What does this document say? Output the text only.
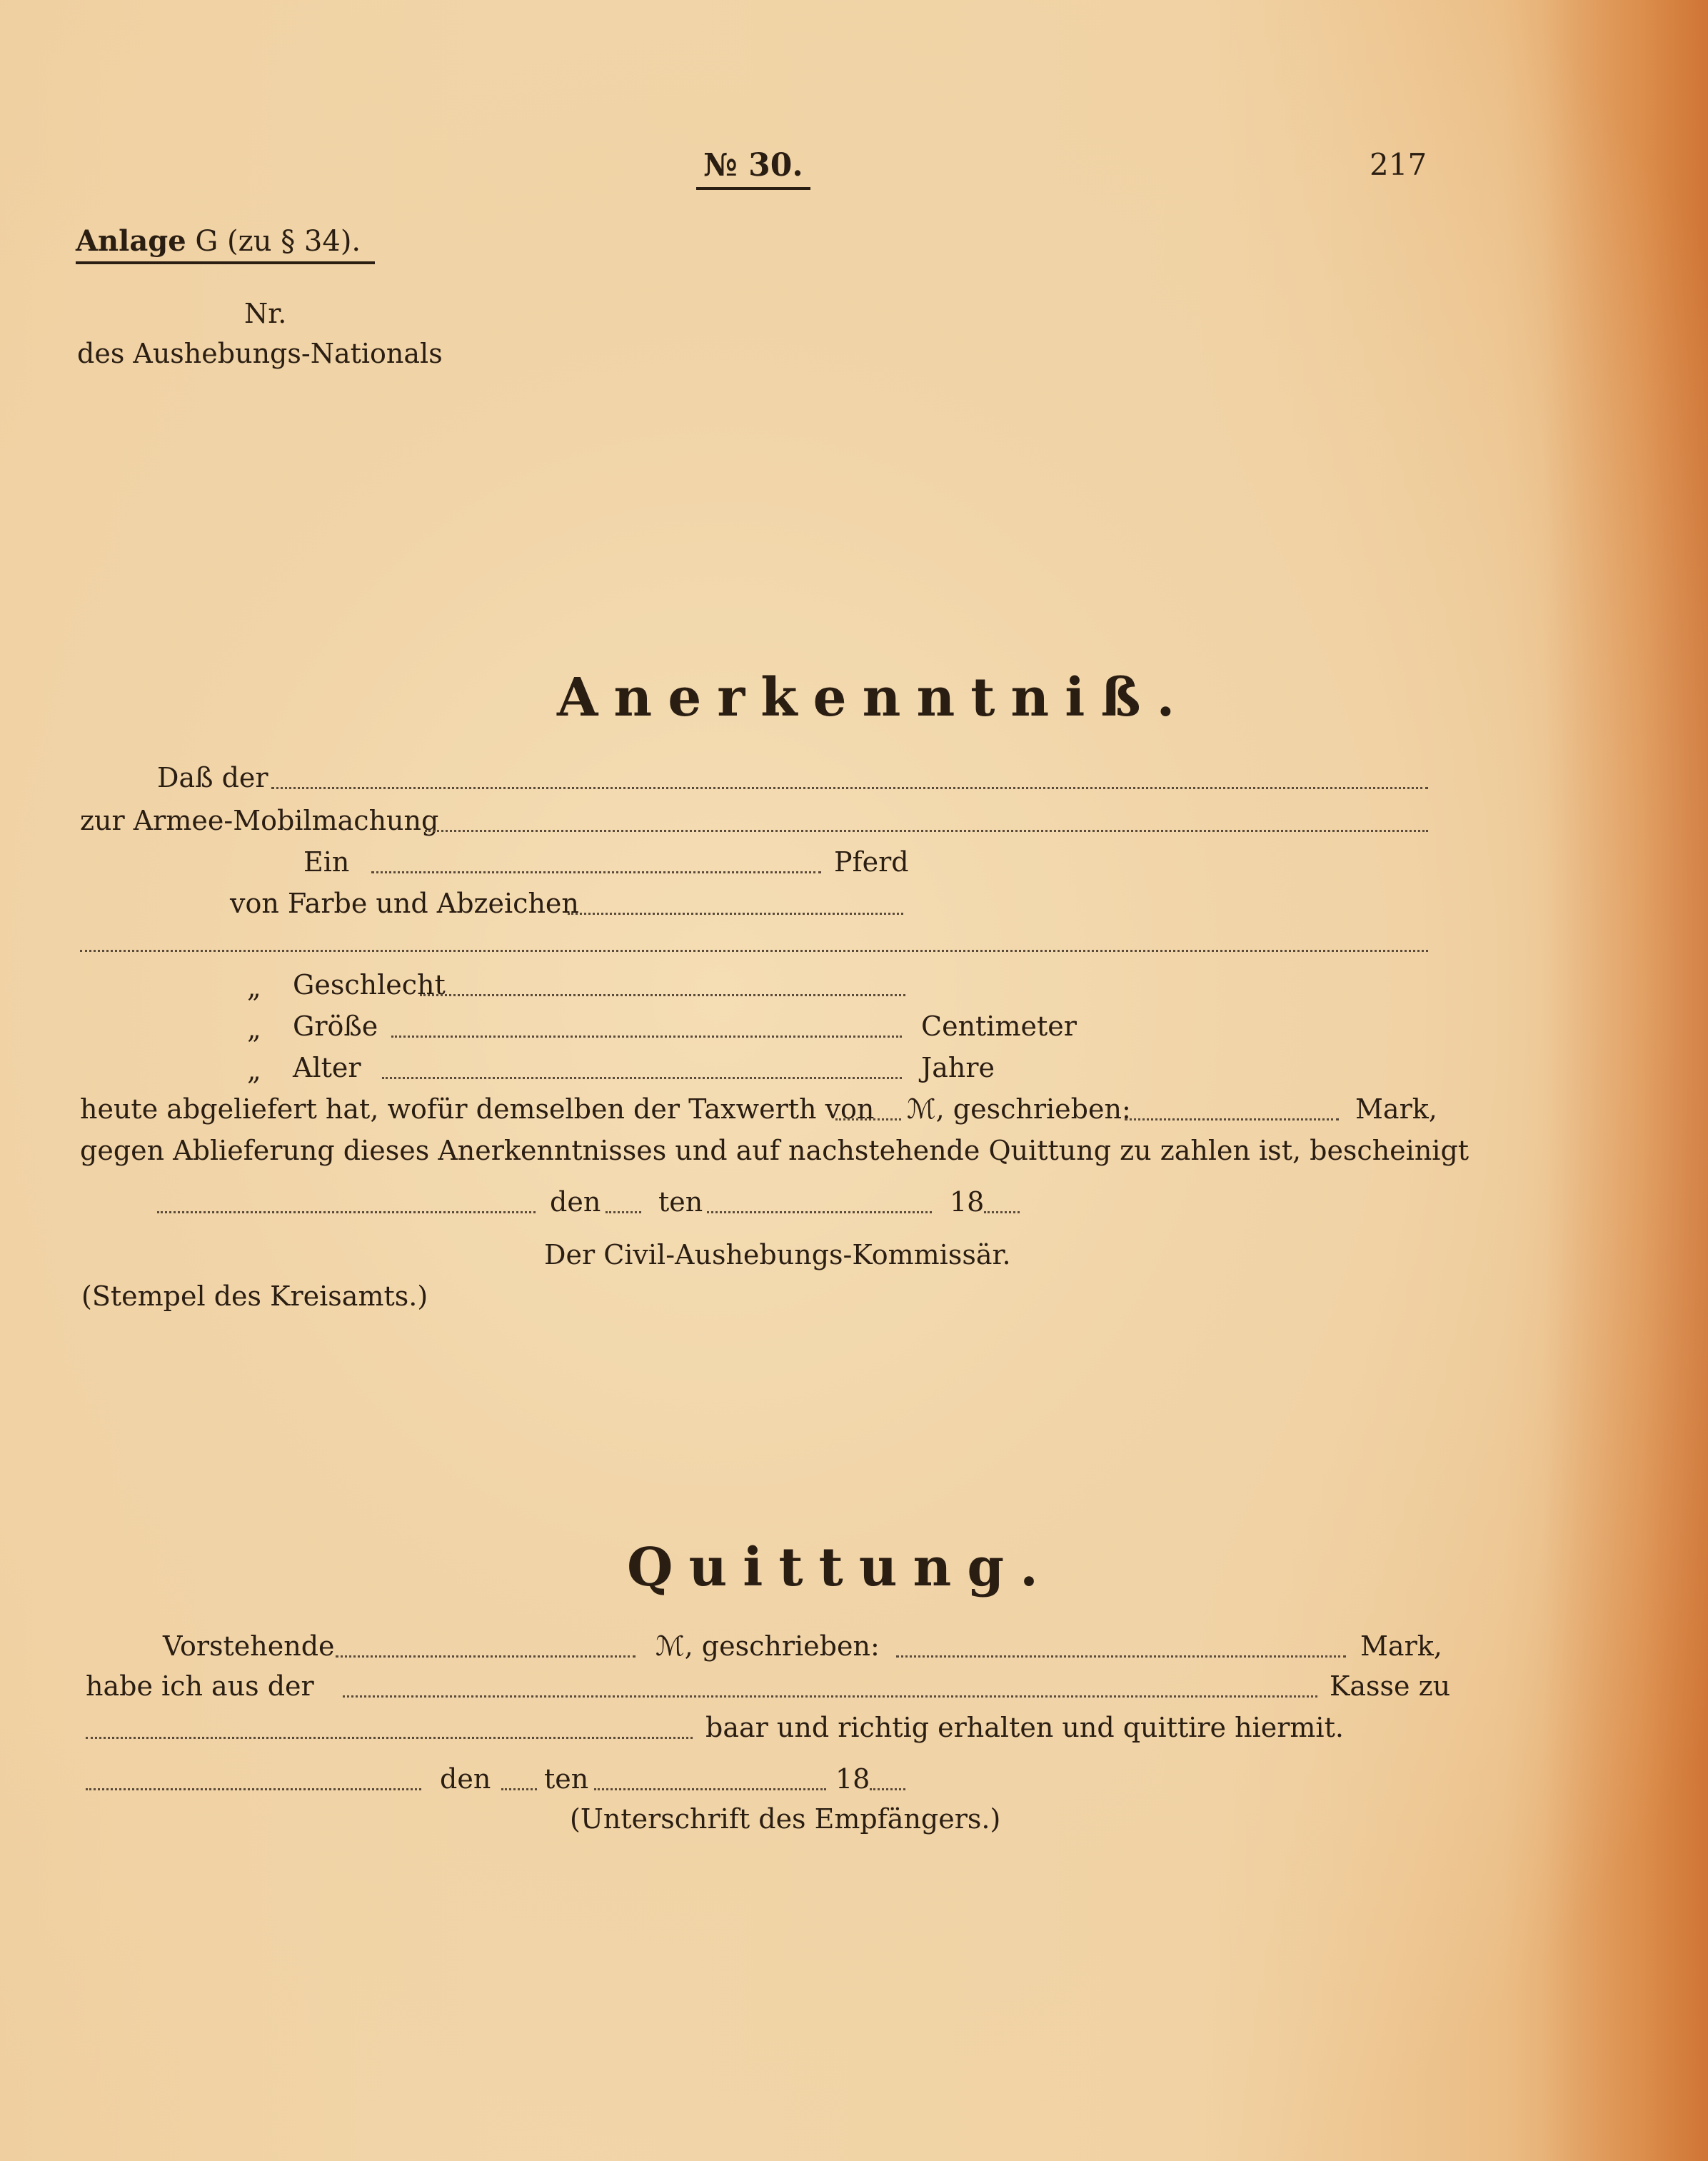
№ 30.	217
Anlage G (zu § 34).
Nr.
des Aushebungs-Nationals
Anerkenntniß.
Daß der
zur Armee-Mobilmachung
Ein	Pferd
von Farbe und Abzeichen
„ Geschlecht
„ Größe	Centimeter
„ Alter	Jahre
heute abgeliefert hat, wofür demselben der Taxwerth von ℳ, geschrieben:	Mark,
gegen Ablieferung dieses Anerkenntnisses und auf nachstehende Quittung zu zahlen ist, bescheinigt
den ten	18
Der Civil-Aushebungs-Kommissär.
(Stempel des Kreisamts.)
Quittung.
Vorstehende	ℳ, geschrieben:	Mark,
habe ich aus der	Kasse zu
baar und richtig erhalten und quittire hiermit.
den ten	18
(Unterschrift des Empfängers.)
